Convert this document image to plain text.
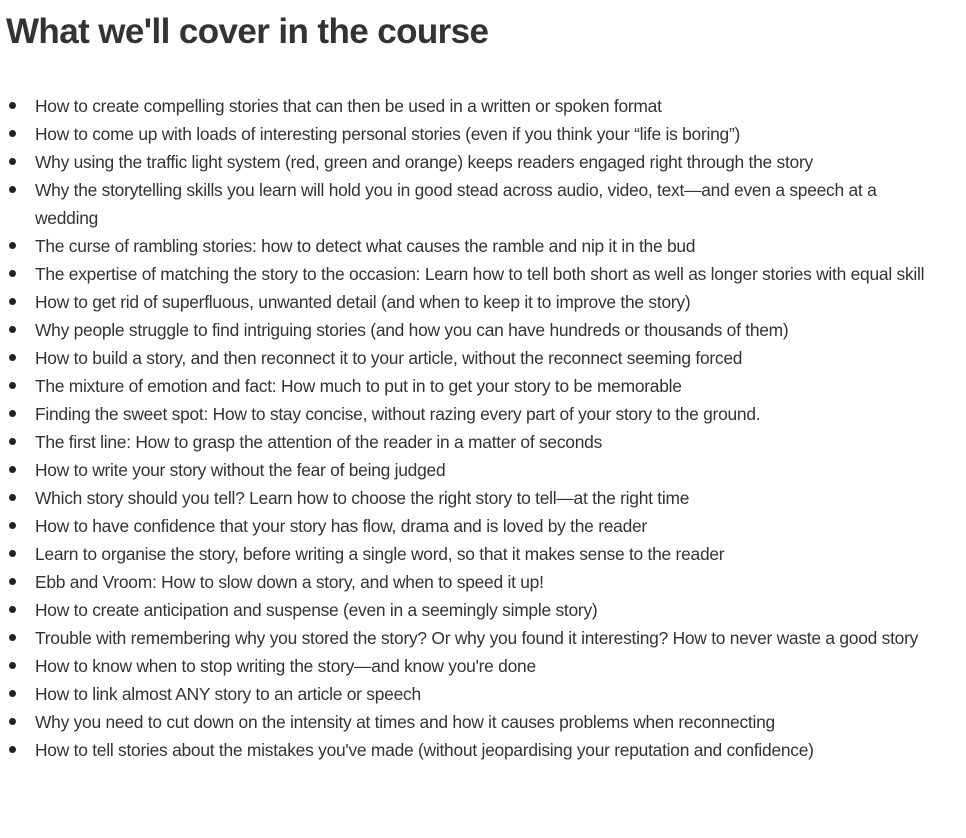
What we'll cover in the course
How to create compelling stories that can then be used in a written or spoken format
How to come up with loads of interesting personal stories (even if you think your “life is boring”)
Why using the traffic light system (red, green and orange) keeps readers engaged right through the story
Why the storytelling skills you learn will hold you in good stead across audio, video, text—and even a speech at a wedding
The curse of rambling stories: how to detect what causes the ramble and nip it in the bud
The expertise of matching the story to the occasion: Learn how to tell both short as well as longer stories with equal skill
How to get rid of superfluous, unwanted detail (and when to keep it to improve the story)
Why people struggle to find intriguing stories (and how you can have hundreds or thousands of them)
How to build a story, and then reconnect it to your article, without the reconnect seeming forced
The mixture of emotion and fact: How much to put in to get your story to be memorable
Finding the sweet spot: How to stay concise, without razing every part of your story to the ground.
The first line: How to grasp the attention of the reader in a matter of seconds
How to write your story without the fear of being judged
Which story should you tell? Learn how to choose the right story to tell—at the right time
How to have confidence that your story has flow, drama and is loved by the reader
Learn to organise the story, before writing a single word, so that it makes sense to the reader
Ebb and Vroom: How to slow down a story, and when to speed it up!
How to create anticipation and suspense (even in a seemingly simple story)
Trouble with remembering why you stored the story? Or why you found it interesting? How to never waste a good story
How to know when to stop writing the story—and know you're done
How to link almost ANY story to an article or speech
Why you need to cut down on the intensity at times and how it causes problems when reconnecting
How to tell stories about the mistakes you've made (without jeopardising your reputation and confidence)
